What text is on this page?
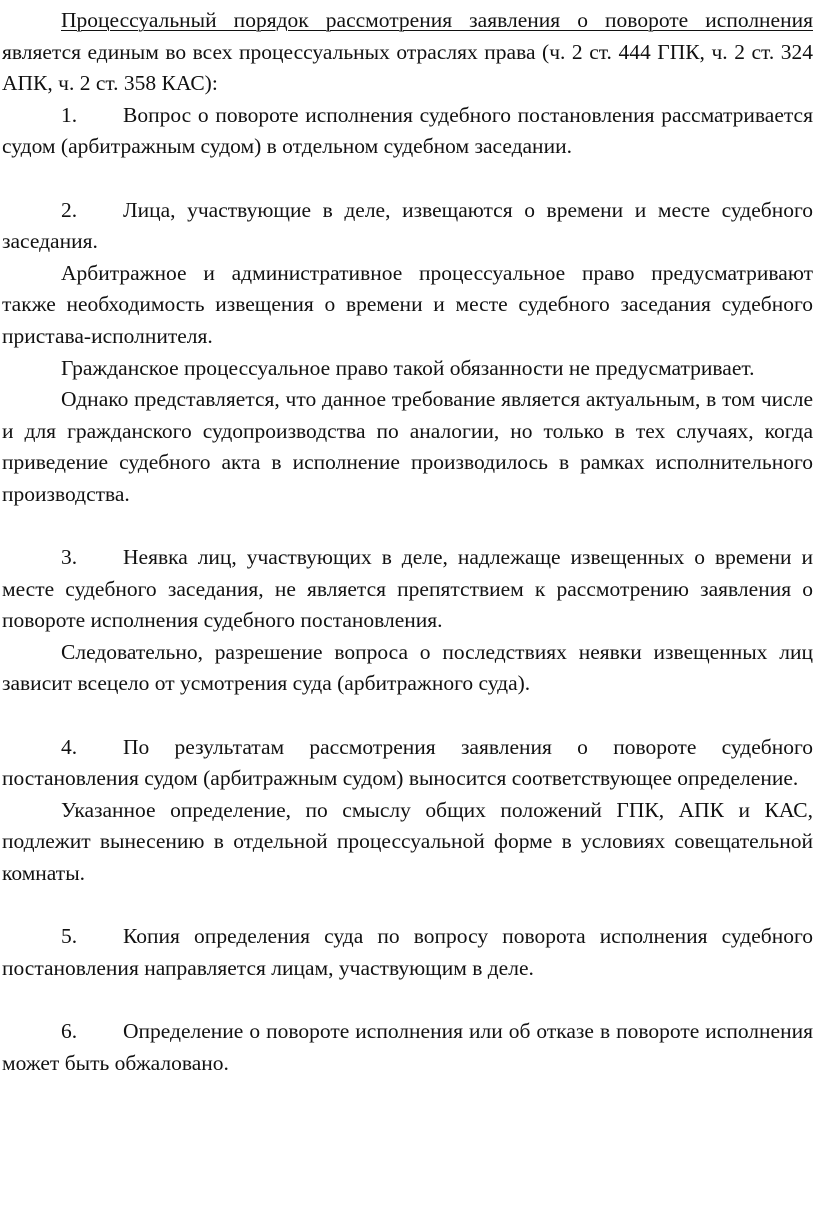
Процессуальный порядок рассмотрения заявления о повороте исполнения является единым во всех процессуальных отраслях права (ч. 2 ст. 444 ГПК, ч. 2 ст. 324 АПК, ч. 2 ст. 358 КАС):

1. Вопрос о повороте исполнения судебного постановления рассматривается судом (арбитражным судом) в отдельном судебном заседании.

2. Лица, участвующие в деле, извещаются о времени и месте судебного заседания.

Арбитражное и административное процессуальное право предусматривают также необходимость извещения о времени и месте судебного заседания судебного пристава-исполнителя.

Гражданское процессуальное право такой обязанности не предусматривает.

Однако представляется, что данное требование является актуальным, в том числе и для гражданского судопроизводства по аналогии, но только в тех случаях, когда приведение судебного акта в исполнение производилось в рамках исполнительного производства.

3. Неявка лиц, участвующих в деле, надлежаще извещенных о времени и месте судебного заседания, не является препятствием к рассмотрению заявления о повороте исполнения судебного постановления.

Следовательно, разрешение вопроса о последствиях неявки извещенных лиц зависит всецело от усмотрения суда (арбитражного суда).

4. По результатам рассмотрения заявления о повороте судебного постановления судом (арбитражным судом) выносится соответствующее определение.

Указанное определение, по смыслу общих положений ГПК, АПК и КАС, подлежит вынесению в отдельной процессуальной форме в условиях совещательной комнаты.

5. Копия определения суда по вопросу поворота исполнения судебного постановления направляется лицам, участвующим в деле.

6. Определение о повороте исполнения или об отказе в повороте исполнения может быть обжаловано.
